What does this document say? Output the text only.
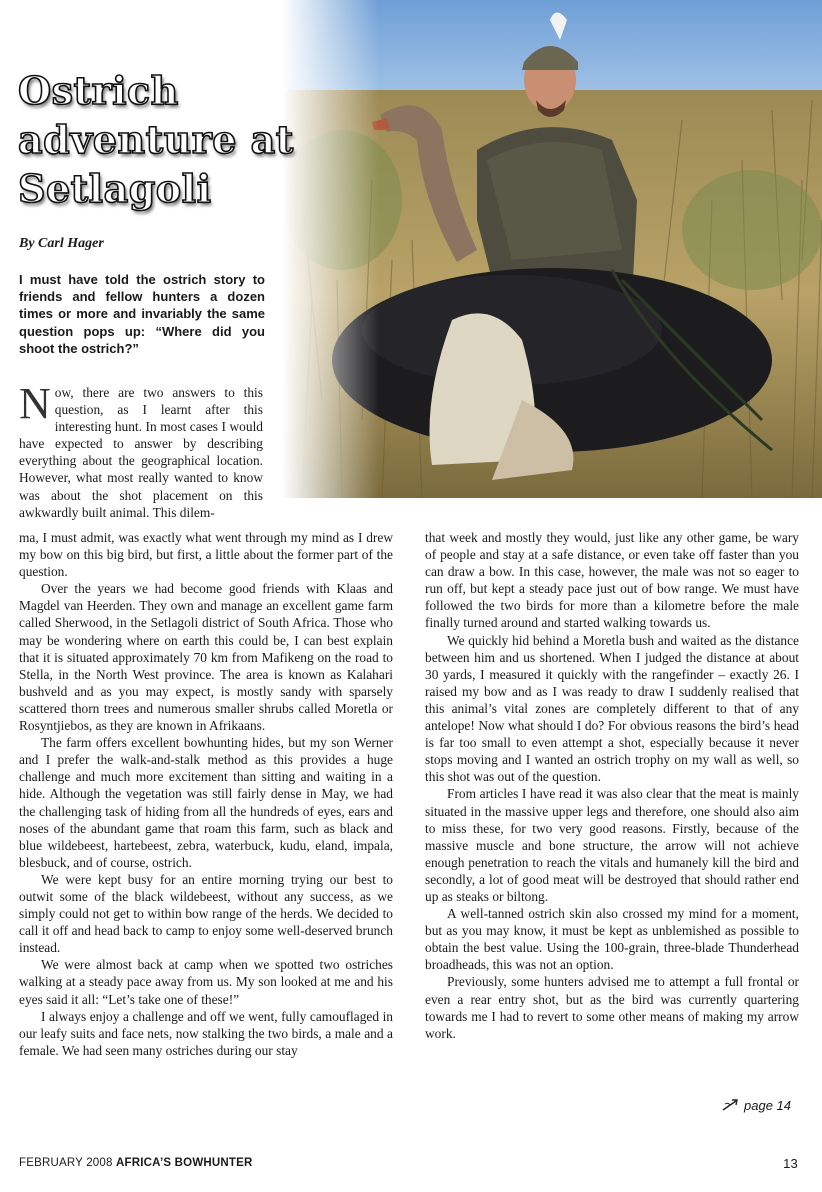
Ostrich
adventure at
Setlagoli
By Carl Hager

I must have told the ostrich story to friends and fellow hunters a dozen times or more and invariably the same question pops up: “Where did you shoot the ostrich?”

Now, there are two answers to this question, as I learnt after this interesting hunt. In most cases I would have expected to answer by describing everything about the geographical location. However, what most really wanted to know was about the shot placement on this awkwardly built animal. This dilem-

ma, I must admit, was exactly what went through my mind as I drew my bow on this big bird, but first, a little about the former part of the question.

Over the years we had become good friends with Klaas and Magdel van Heerden. They own and manage an excellent game farm called Sherwood, in the Setlagoli district of South Africa. Those who may be wondering where on earth this could be, I can best explain that it is situated approximately 70 km from Mafikeng on the road to Stella, in the North West province. The area is known as Kalahari bushveld and as you may expect, is mostly sandy with sparsely scattered thorn trees and numerous smaller shrubs called Moretla or Rosyntjiebos, as they are known in Afrikaans.

The farm offers excellent bowhunting hides, but my son Werner and I prefer the walk-and-stalk method as this provides a huge challenge and much more excitement than sitting and waiting in a hide. Although the vegetation was still fairly dense in May, we had the challenging task of hiding from all the hundreds of eyes, ears and noses of the abundant game that roam this farm, such as black and blue wildebeest, hartebeest, zebra, waterbuck, kudu, eland, impala, blesbuck, and of course, ostrich.

We were kept busy for an entire morning trying our best to outwit some of the black wildebeest, without any success, as we simply could not get to within bow range of the herds. We decided to call it off and head back to camp to enjoy some well-deserved brunch instead.

We were almost back at camp when we spotted two ostriches walking at a steady pace away from us. My son looked at me and his eyes said it all: “Let’s take one of these!”

I always enjoy a challenge and off we went, fully camouflaged in our leafy suits and face nets, now stalking the two birds, a male and a female. We had seen many ostriches during our stay

that week and mostly they would, just like any other game, be wary of people and stay at a safe distance, or even take off faster than you can draw a bow. In this case, however, the male was not so eager to run off, but kept a steady pace just out of bow range. We must have followed the two birds for more than a kilometre before the male finally turned around and started walking towards us.

We quickly hid behind a Moretla bush and waited as the distance between him and us shortened. When I judged the distance at about 30 yards, I measured it quickly with the rangefinder – exactly 26. I raised my bow and as I was ready to draw I suddenly realised that this animal’s vital zones are completely different to that of any antelope! Now what should I do? For obvious reasons the bird’s head is far too small to even attempt a shot, especially because it never stops moving and I wanted an ostrich trophy on my wall as well, so this shot was out of the question.

From articles I have read it was also clear that the meat is mainly situated in the massive upper legs and therefore, one should also aim to miss these, for two very good reasons. Firstly, because of the massive muscle and bone structure, the arrow will not achieve enough penetration to reach the vitals and humanely kill the bird and secondly, a lot of good meat will be destroyed that should rather end up as steaks or biltong.

A well-tanned ostrich skin also crossed my mind for a moment, but as you may know, it must be kept as unblemished as possible to obtain the best value. Using the 100-grain, three-blade Thunderhead broadheads, this was not an option.

Previously, some hunters advised me to attempt a full frontal or even a rear entry shot, but as the bird was currently quartering towards me I had to revert to some other means of making my arrow work.

page 14
FEBRUARY 2008 AFRICA’S BOWHUNTER	13
